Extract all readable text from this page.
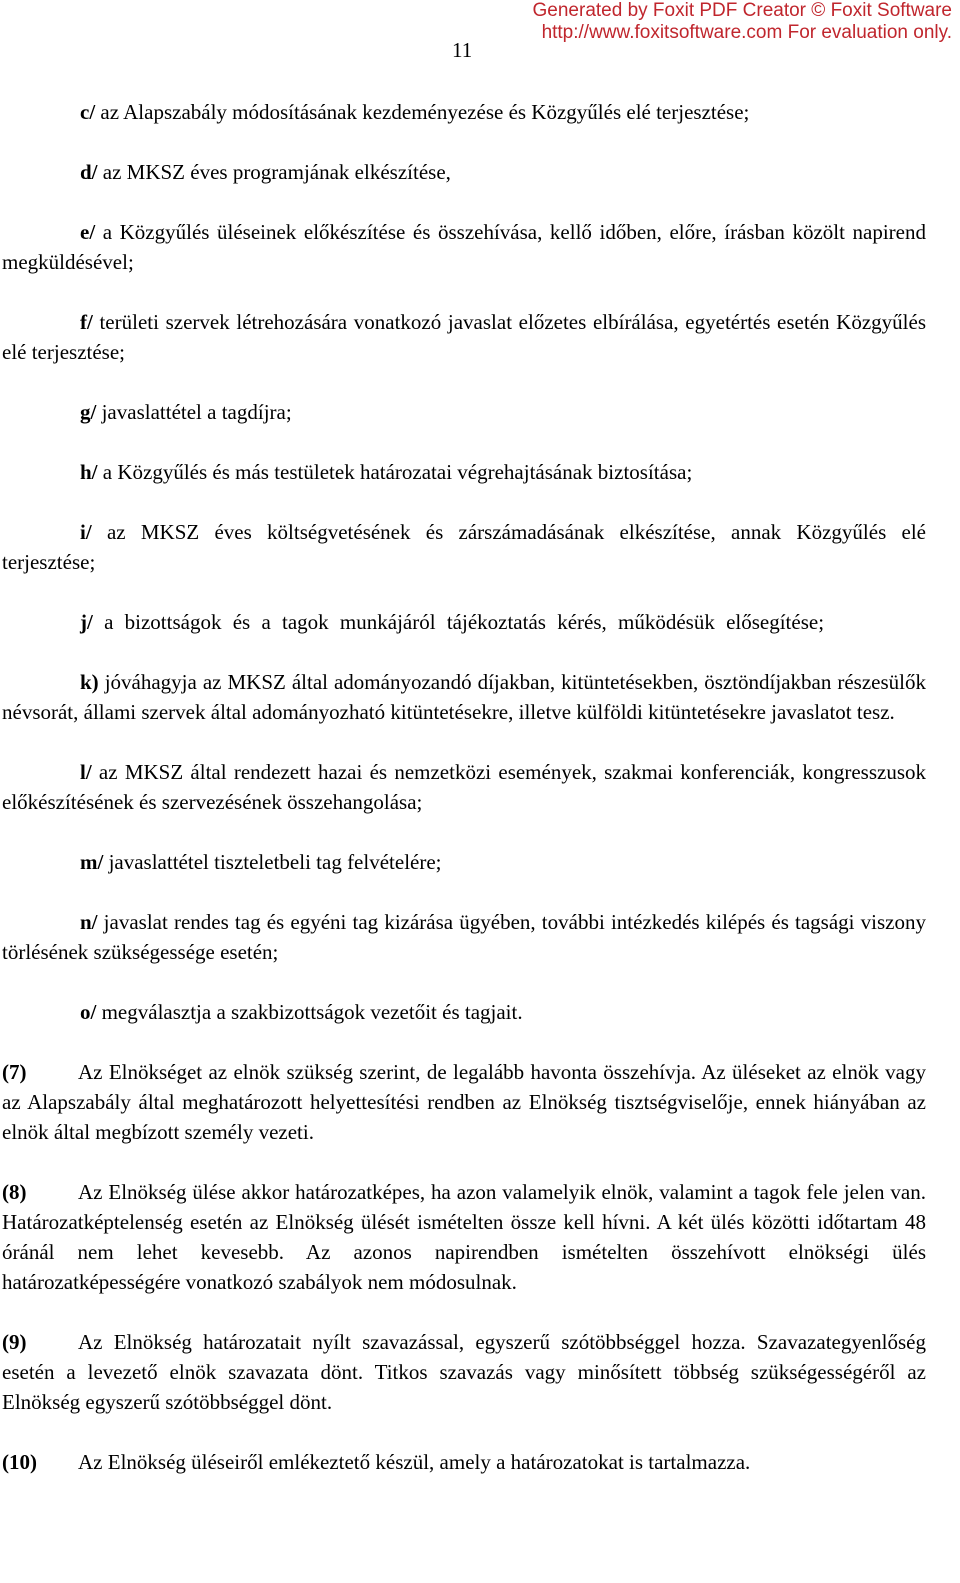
Generated by Foxit PDF Creator © Foxit Software
http://www.foxitsoftware.com For evaluation only.
11

c/ az Alapszabály módosításának kezdeményezése és Közgyűlés elé terjesztése;

d/ az MKSZ éves programjának elkészítése,

e/ a Közgyűlés üléseinek előkészítése és összehívása, kellő időben, előre, írásban közölt napirend megküldésével;

f/ területi szervek létrehozására vonatkozó javaslat előzetes elbírálása, egyetértés esetén Közgyűlés elé terjesztése;

g/ javaslattétel a tagdíjra;

h/ a Közgyűlés és más testületek határozatai végrehajtásának biztosítása;

i/ az MKSZ éves költségvetésének és zárszámadásának elkészítése, annak Közgyűlés elé terjesztése;

j/ a bizottságok és a tagok munkájáról tájékoztatás kérés, működésük elősegítése;

k) jóváhagyja az MKSZ által adományozandó díjakban, kitüntetésekben, ösztöndíjakban részesülők névsorát, állami szervek által adományozható kitüntetésekre, illetve külföldi kitüntetésekre javaslatot tesz.

l/ az MKSZ által rendezett hazai és nemzetközi események, szakmai konferenciák, kongresszusok előkészítésének és szervezésének összehangolása;

m/ javaslattétel tiszteletbeli tag felvételére;

n/ javaslat rendes tag és egyéni tag kizárása ügyében, további intézkedés kilépés és tagsági viszony törlésének szükségessége esetén;

o/ megválasztja a szakbizottságok vezetőit és tagjait.

(7) Az Elnökséget az elnök szükség szerint, de legalább havonta összehívja. Az üléseket az elnök vagy az Alapszabály által meghatározott helyettesítési rendben az Elnökség tisztségviselője, ennek hiányában az elnök által megbízott személy vezeti.

(8) Az Elnökség ülése akkor határozatképes, ha azon valamelyik elnök, valamint a tagok fele jelen van. Határozatképtelenség esetén az Elnökség ülését ismételten össze kell hívni. A két ülés közötti időtartam 48 óránál nem lehet kevesebb. Az azonos napirendben ismételten összehívott elnökségi ülés határozatképességére vonatkozó szabályok nem módosulnak.

(9) Az Elnökség határozatait nyílt szavazással, egyszerű szótöbbséggel hozza. Szavazategyenlőség esetén a levezető elnök szavazata dönt. Titkos szavazás vagy minősített többség szükségességéről az Elnökség egyszerű szótöbbséggel dönt.

(10) Az Elnökség üléseiről emlékeztető készül, amely a határozatokat is tartalmazza.
